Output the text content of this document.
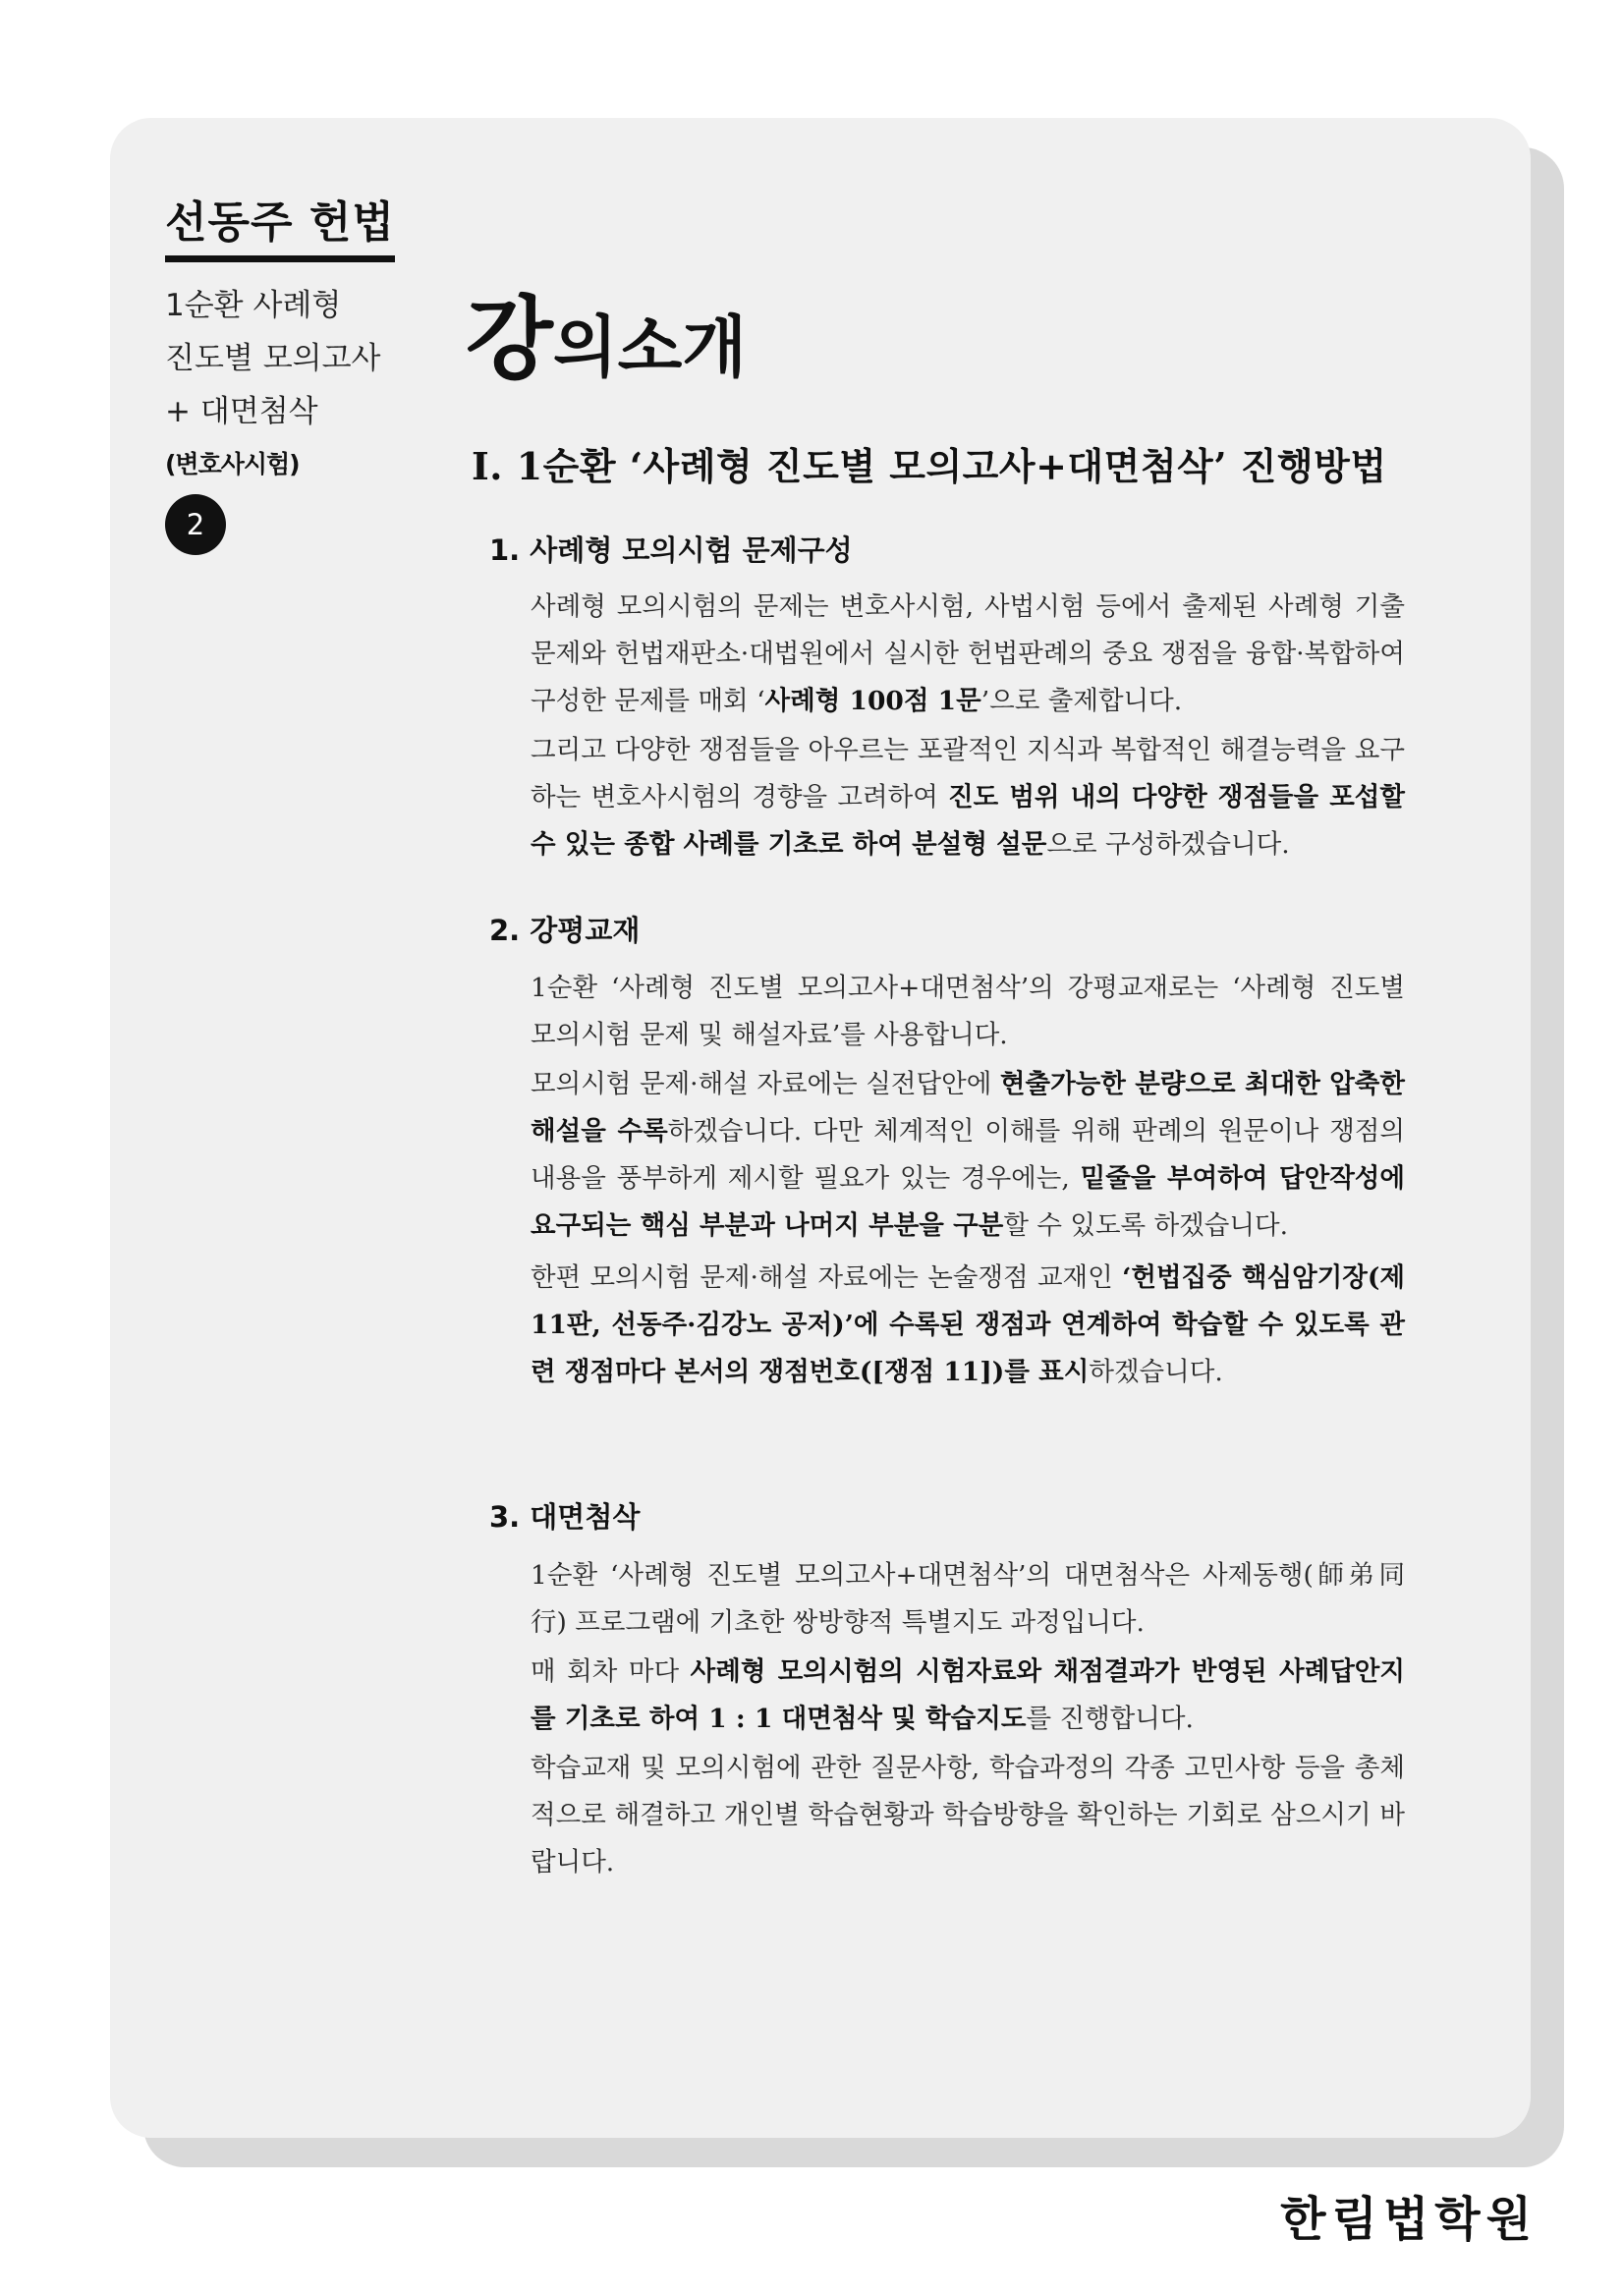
선동주 헌법
1순환 사례형
진도별 모의고사
+ 대면첨삭
(변호사시험)
2
강의소개
Ⅰ. 1순환 ‘사례형 진도별 모의고사+대면첨삭’ 진행방법
1. 사례형 모의시험 문제구성
사례형 모의시험의 문제는 변호사시험, 사법시험 등에서 출제된 사례형 기출문제와 헌법재판소·대법원에서 실시한 헌법판례의 중요 쟁점을 융합·복합하여 구성한 문제를 매회 ‘사례형 100점 1문’으로 출제합니다.
그리고 다양한 쟁점들을 아우르는 포괄적인 지식과 복합적인 해결능력을 요구하는 변호사시험의 경향을 고려하여 진도 범위 내의 다양한 쟁점들을 포섭할 수 있는 종합 사례를 기초로 하여 분설형 설문으로 구성하겠습니다.
2. 강평교재
1순환 ‘사례형 진도별 모의고사+대면첨삭’의 강평교재로는 ‘사례형 진도별 모의시험 문제 및 해설자료’를 사용합니다.
모의시험 문제·해설 자료에는 실전답안에 현출가능한 분량으로 최대한 압축한 해설을 수록하겠습니다. 다만 체계적인 이해를 위해 판례의 원문이나 쟁점의 내용을 풍부하게 제시할 필요가 있는 경우에는, 밑줄을 부여하여 답안작성에 요구되는 핵심 부분과 나머지 부분을 구분할 수 있도록 하겠습니다.
한편 모의시험 문제·해설 자료에는 논술쟁점 교재인 ‘헌법집중 핵심암기장(제11판, 선동주·김강노 공저)’에 수록된 쟁점과 연계하여 학습할 수 있도록 관련 쟁점마다 본서의 쟁점번호([쟁점 11])를 표시하겠습니다.
3. 대면첨삭
1순환 ‘사례형 진도별 모의고사+대면첨삭’의 대면첨삭은 사제동행(師弟同行) 프로그램에 기초한 쌍방향적 특별지도 과정입니다.
매 회차 마다 사례형 모의시험의 시험자료와 채점결과가 반영된 사례답안지를 기초로 하여 1 : 1 대면첨삭 및 학습지도를 진행합니다.
학습교재 및 모의시험에 관한 질문사항, 학습과정의 각종 고민사항 등을 총체적으로 해결하고 개인별 학습현황과 학습방향을 확인하는 기회로 삼으시기 바랍니다.
한림법학원
